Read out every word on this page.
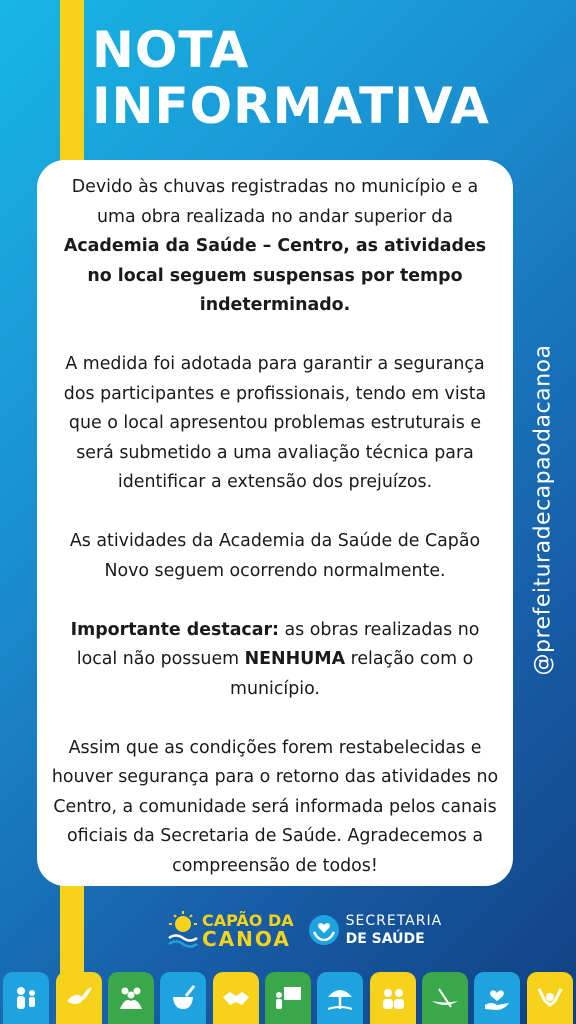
NOTA
INFORMATIVA

Devido às chuvas registradas no município e a uma obra realizada no andar superior da Academia da Saúde – Centro, as atividades no local seguem suspensas por tempo indeterminado.

A medida foi adotada para garantir a segurança dos participantes e profissionais, tendo em vista que o local apresentou problemas estruturais e será submetido a uma avaliação técnica para identificar a extensão dos prejuízos.

As atividades da Academia da Saúde de Capão Novo seguem ocorrendo normalmente.

Importante destacar: as obras realizadas no local não possuem NENHUMA relação com o município.

Assim que as condições forem restabelecidas e houver segurança para o retorno das atividades no Centro, a comunidade será informada pelos canais oficiais da Secretaria de Saúde. Agradecemos a compreensão de todos!

@prefeituradecapaodacanoa
CAPÃO DA
CANOA
SECRETARIA
DE SAÚDE
